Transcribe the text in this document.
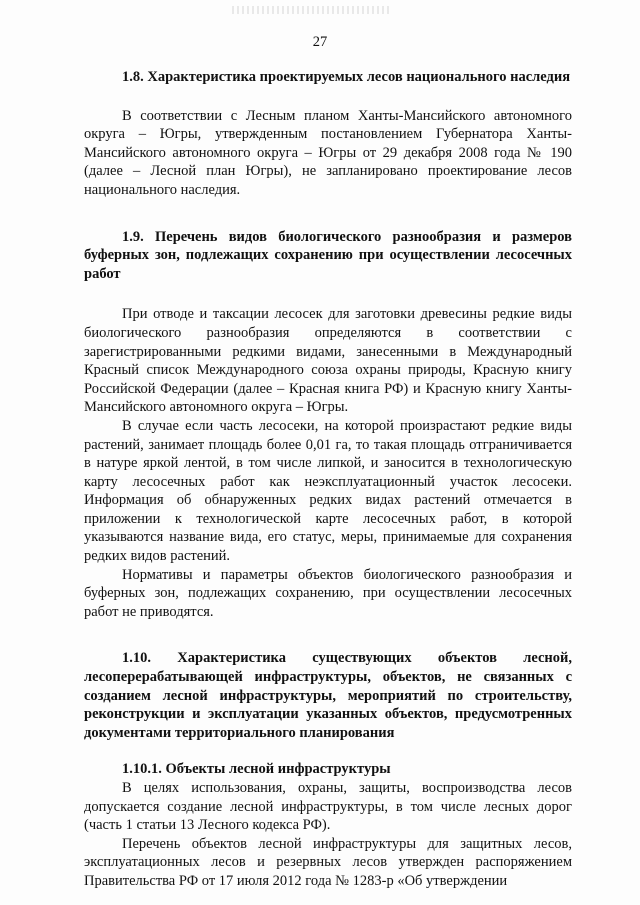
27

1.8. Характеристика проектируемых лесов национального наследия

В соответствии с Лесным планом Ханты-Мансийского автономного округа – Югры, утвержденным постановлением Губернатора Ханты-Мансийского автономного округа – Югры от 29 декабря 2008 года № 190 (далее – Лесной план Югры), не запланировано проектирование лесов национального наследия.

1.9. Перечень видов биологического разнообразия и размеров буферных зон, подлежащих сохранению при осуществлении лесосечных работ

При отводе и таксации лесосек для заготовки древесины редкие виды биологического разнообразия определяются в соответствии с зарегистрированными редкими видами, занесенными в Международный Красный список Международного союза охраны природы, Красную книгу Российской Федерации (далее – Красная книга РФ) и Красную книгу Ханты-Мансийского автономного округа – Югры.

В случае если часть лесосеки, на которой произрастают редкие виды растений, занимает площадь более 0,01 га, то такая площадь отграничивается в натуре яркой лентой, в том числе липкой, и заносится в технологическую карту лесосечных работ как неэксплуатационный участок лесосеки. Информация об обнаруженных редких видах растений отмечается в приложении к технологической карте лесосечных работ, в которой указываются название вида, его статус, меры, принимаемые для сохранения редких видов растений.

Нормативы и параметры объектов биологического разнообразия и буферных зон, подлежащих сохранению, при осуществлении лесосечных работ не приводятся.

1.10. Характеристика существующих объектов лесной, лесоперерабатывающей инфраструктуры, объектов, не связанных с созданием лесной инфраструктуры, мероприятий по строительству, реконструкции и эксплуатации указанных объектов, предусмотренных документами территориального планирования

1.10.1. Объекты лесной инфраструктуры

В целях использования, охраны, защиты, воспроизводства лесов допускается создание лесной инфраструктуры, в том числе лесных дорог (часть 1 статьи 13 Лесного кодекса РФ).

Перечень объектов лесной инфраструктуры для защитных лесов, эксплуатационных лесов и резервных лесов утвержден распоряжением Правительства РФ от 17 июля 2012 года № 1283-р «Об утверждении
